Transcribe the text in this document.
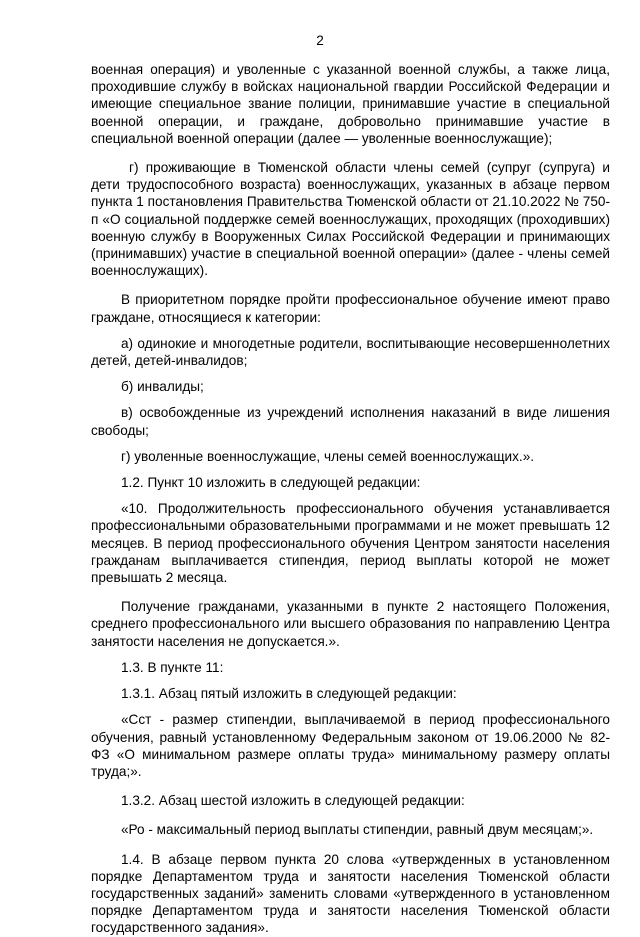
2

военная операция) и уволенные с указанной военной службы, а также лица, проходившие службу в войсках национальной гвардии Российской Федерации и имеющие специальное звание полиции, принимавшие участие в специальной военной операции, и граждане, добровольно принимавшие участие в специальной военной операции (далее — уволенные военнослужащие);

г) проживающие в Тюменской области члены семей (супруг (супруга) и дети трудоспособного возраста) военнослужащих, указанных в абзаце первом пункта 1 постановления Правительства Тюменской области от 21.10.2022 № 750-п «О социальной поддержке семей военнослужащих, проходящих (проходивших) военную службу в Вооруженных Силах Российской Федерации и принимающих (принимавших) участие в специальной военной операции» (далее - члены семей военнослужащих).

В приоритетном порядке пройти профессиональное обучение имеют право граждане, относящиеся к категории:

а) одинокие и многодетные родители, воспитывающие несовершеннолетних детей, детей-инвалидов;

б) инвалиды;

в) освобожденные из учреждений исполнения наказаний в виде лишения свободы;

г) уволенные военнослужащие, члены семей военнослужащих.».

1.2. Пункт 10 изложить в следующей редакции:

«10. Продолжительность профессионального обучения устанавливается профессиональными образовательными программами и не может превышать 12 месяцев. В период профессионального обучения Центром занятости населения гражданам выплачивается стипендия, период выплаты которой не может превышать 2 месяца.

Получение гражданами, указанными в пункте 2 настоящего Положения, среднего профессионального или высшего образования по направлению Центра занятости населения не допускается.».

1.3. В пункте 11:

1.3.1. Абзац пятый изложить в следующей редакции:

«Сст - размер стипендии, выплачиваемой в период профессионального обучения, равный установленному Федеральным законом от 19.06.2000 № 82-ФЗ «О минимальном размере оплаты труда» минимальному размеру оплаты труда;».

1.3.2. Абзац шестой изложить в следующей редакции:

«Ро - максимальный период выплаты стипендии, равный двум месяцам;».

1.4. В абзаце первом пункта 20 слова «утвержденных в установленном порядке Департаментом труда и занятости населения Тюменской области государственных заданий» заменить словами «утвержденного в установленном порядке Департаментом труда и занятости населения Тюменской области государственного задания».
